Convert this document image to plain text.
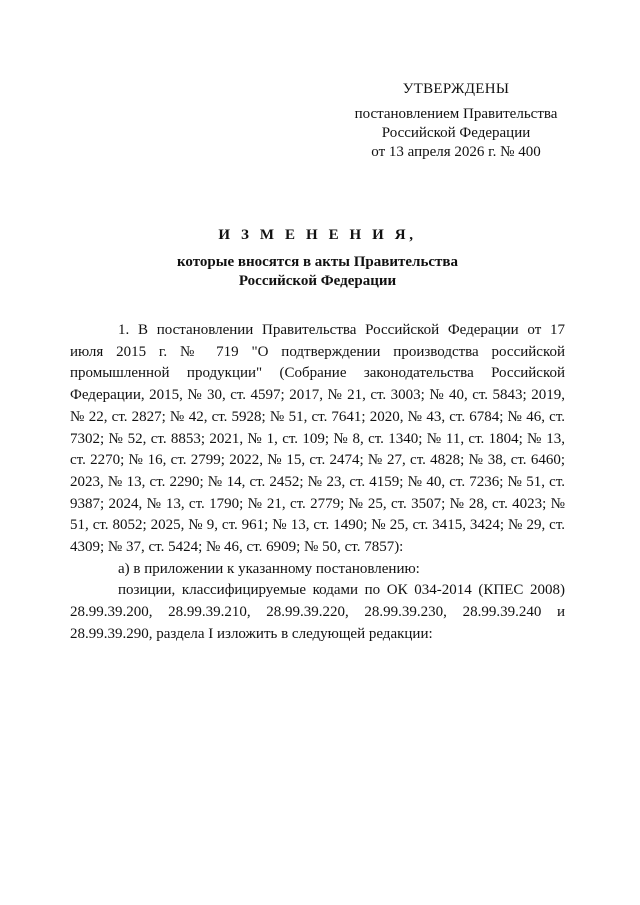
УТВЕРЖДЕНЫ
постановлением Правительства
Российской Федерации
от 13 апреля 2026 г. № 400
И З М Е Н Е Н И Я,
которые вносятся в акты Правительства
Российской Федерации

1. В постановлении Правительства Российской Федерации от 17 июля 2015 г. № 719 "О подтверждении производства российской промышленной продукции" (Собрание законодательства Российской Федерации, 2015, № 30, ст. 4597; 2017, № 21, ст. 3003; № 40, ст. 5843; 2019, № 22, ст. 2827; № 42, ст. 5928; № 51, ст. 7641; 2020, № 43, ст. 6784; № 46, ст. 7302; № 52, ст. 8853; 2021, № 1, ст. 109; № 8, ст. 1340; № 11, ст. 1804; № 13, ст. 2270; № 16, ст. 2799; 2022, № 15, ст. 2474; № 27, ст. 4828; № 38, ст. 6460; 2023, № 13, ст. 2290; № 14, ст. 2452; № 23, ст. 4159; № 40, ст. 7236; № 51, ст. 9387; 2024, № 13, ст. 1790; № 21, ст. 2779; № 25, ст. 3507; № 28, ст. 4023; № 51, ст. 8052; 2025, № 9, ст. 961; № 13, ст. 1490; № 25, ст. 3415, 3424; № 29, ст. 4309; № 37, ст. 5424; № 46, ст. 6909; № 50, ст. 7857):

а) в приложении к указанному постановлению:

позиции, классифицируемые кодами по ОК 034-2014 (КПЕС 2008) 28.99.39.200, 28.99.39.210, 28.99.39.220, 28.99.39.230, 28.99.39.240 и 28.99.39.290, раздела I изложить в следующей редакции:
